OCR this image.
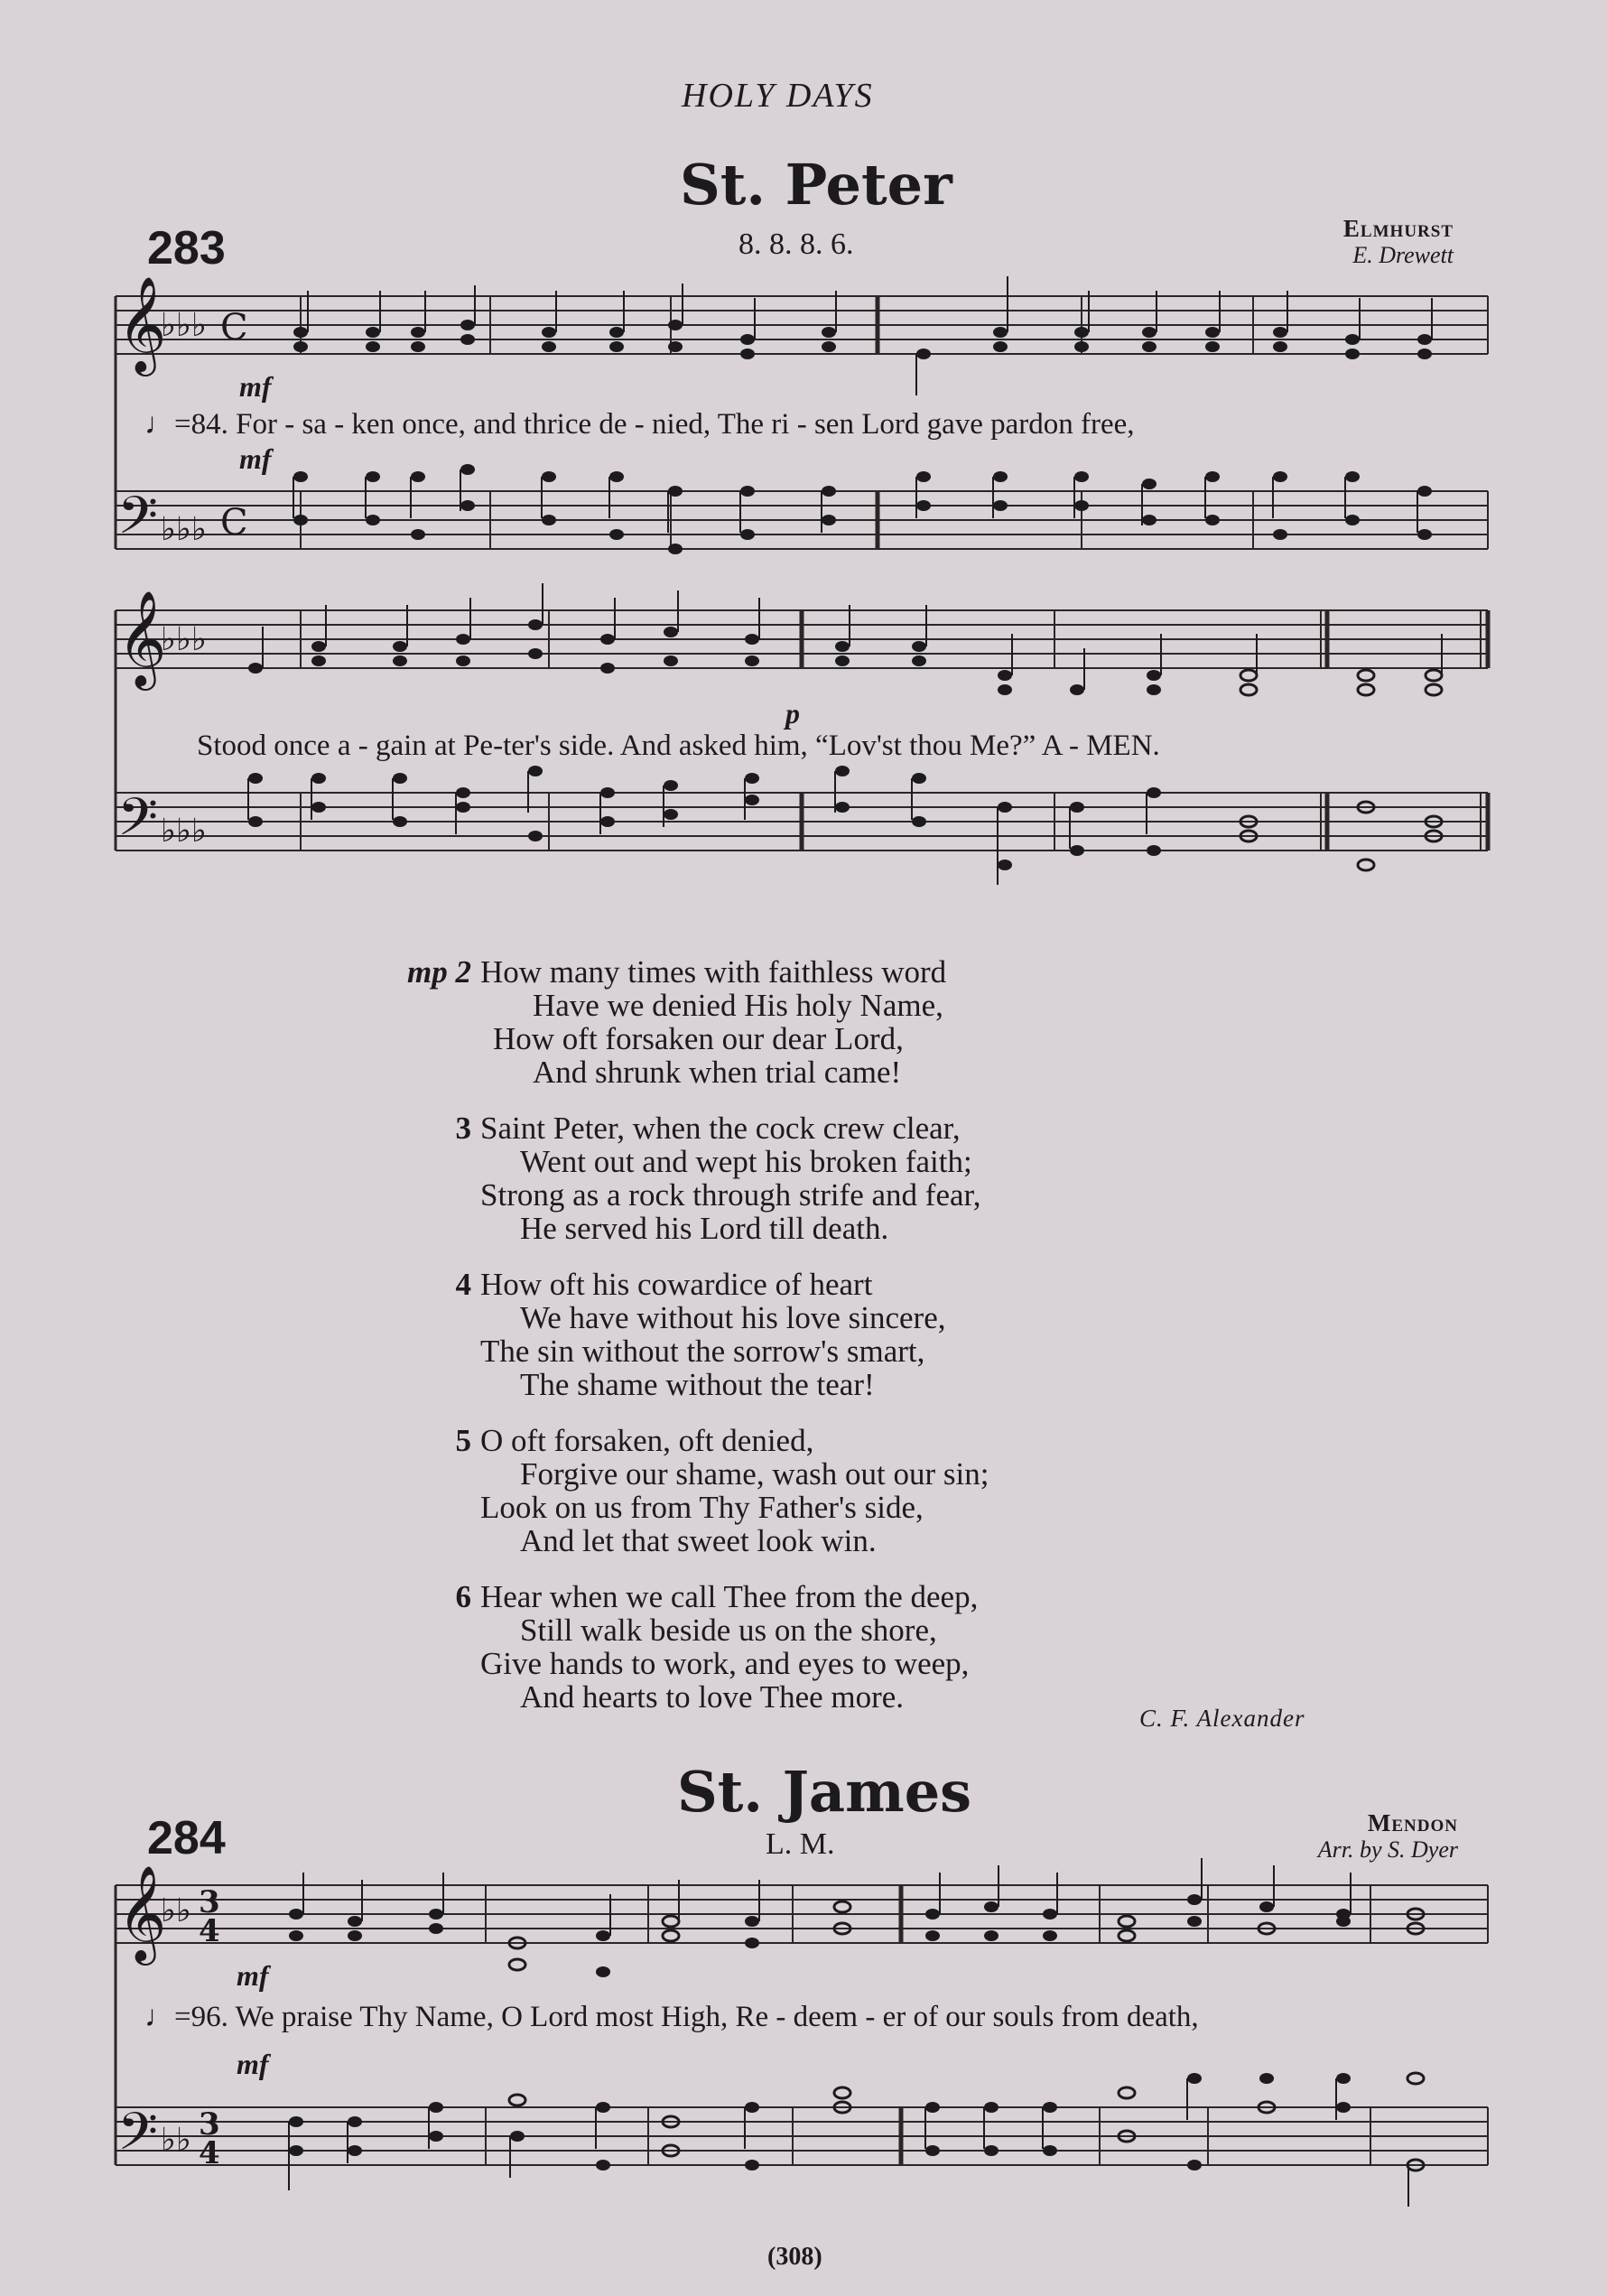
HOLY DAYS
St. Peter
283	8. 8. 8. 6.	Elmhurst
E. Drewett
𝄞
♭♭♭ C
𝄢 ♭♭♭ C
mf
mf
♩=84. For - sa - ken once, and thrice de - nied, The ri - sen Lord gave pardon free,
𝄞
♭♭♭
𝄢 ♭♭♭
p
Stood once a - gain at Pe-ter's side. And asked him, “Lov'st thou Me?” A - MEN.
mp 2 How many times with faithless word
Have we denied His holy Name,
How oft forsaken our dear Lord,
And shrunk when trial came!
3 Saint Peter, when the cock crew clear,
Went out and wept his broken faith;
Strong as a rock through strife and fear,
He served his Lord till death.
4 How oft his cowardice of heart
We have without his love sincere,
The sin without the sorrow's smart,
The shame without the tear!
5 O oft forsaken, oft denied,
Forgive our shame, wash out our sin;
Look on us from Thy Father's side,
And let that sweet look win.
6 Hear when we call Thee from the deep,
Still walk beside us on the shore,
Give hands to work, and eyes to weep,
And hearts to love Thee more.
C. F. Alexander
St. James
284	L. M.
Mendon
Arr. by S. Dyer
𝄞
♭♭ 3
4
𝄢 ♭♭ 3
4
mf
mf
♩=96. We praise Thy Name, O Lord most High, Re - deem - er of our souls from death,
(308)
